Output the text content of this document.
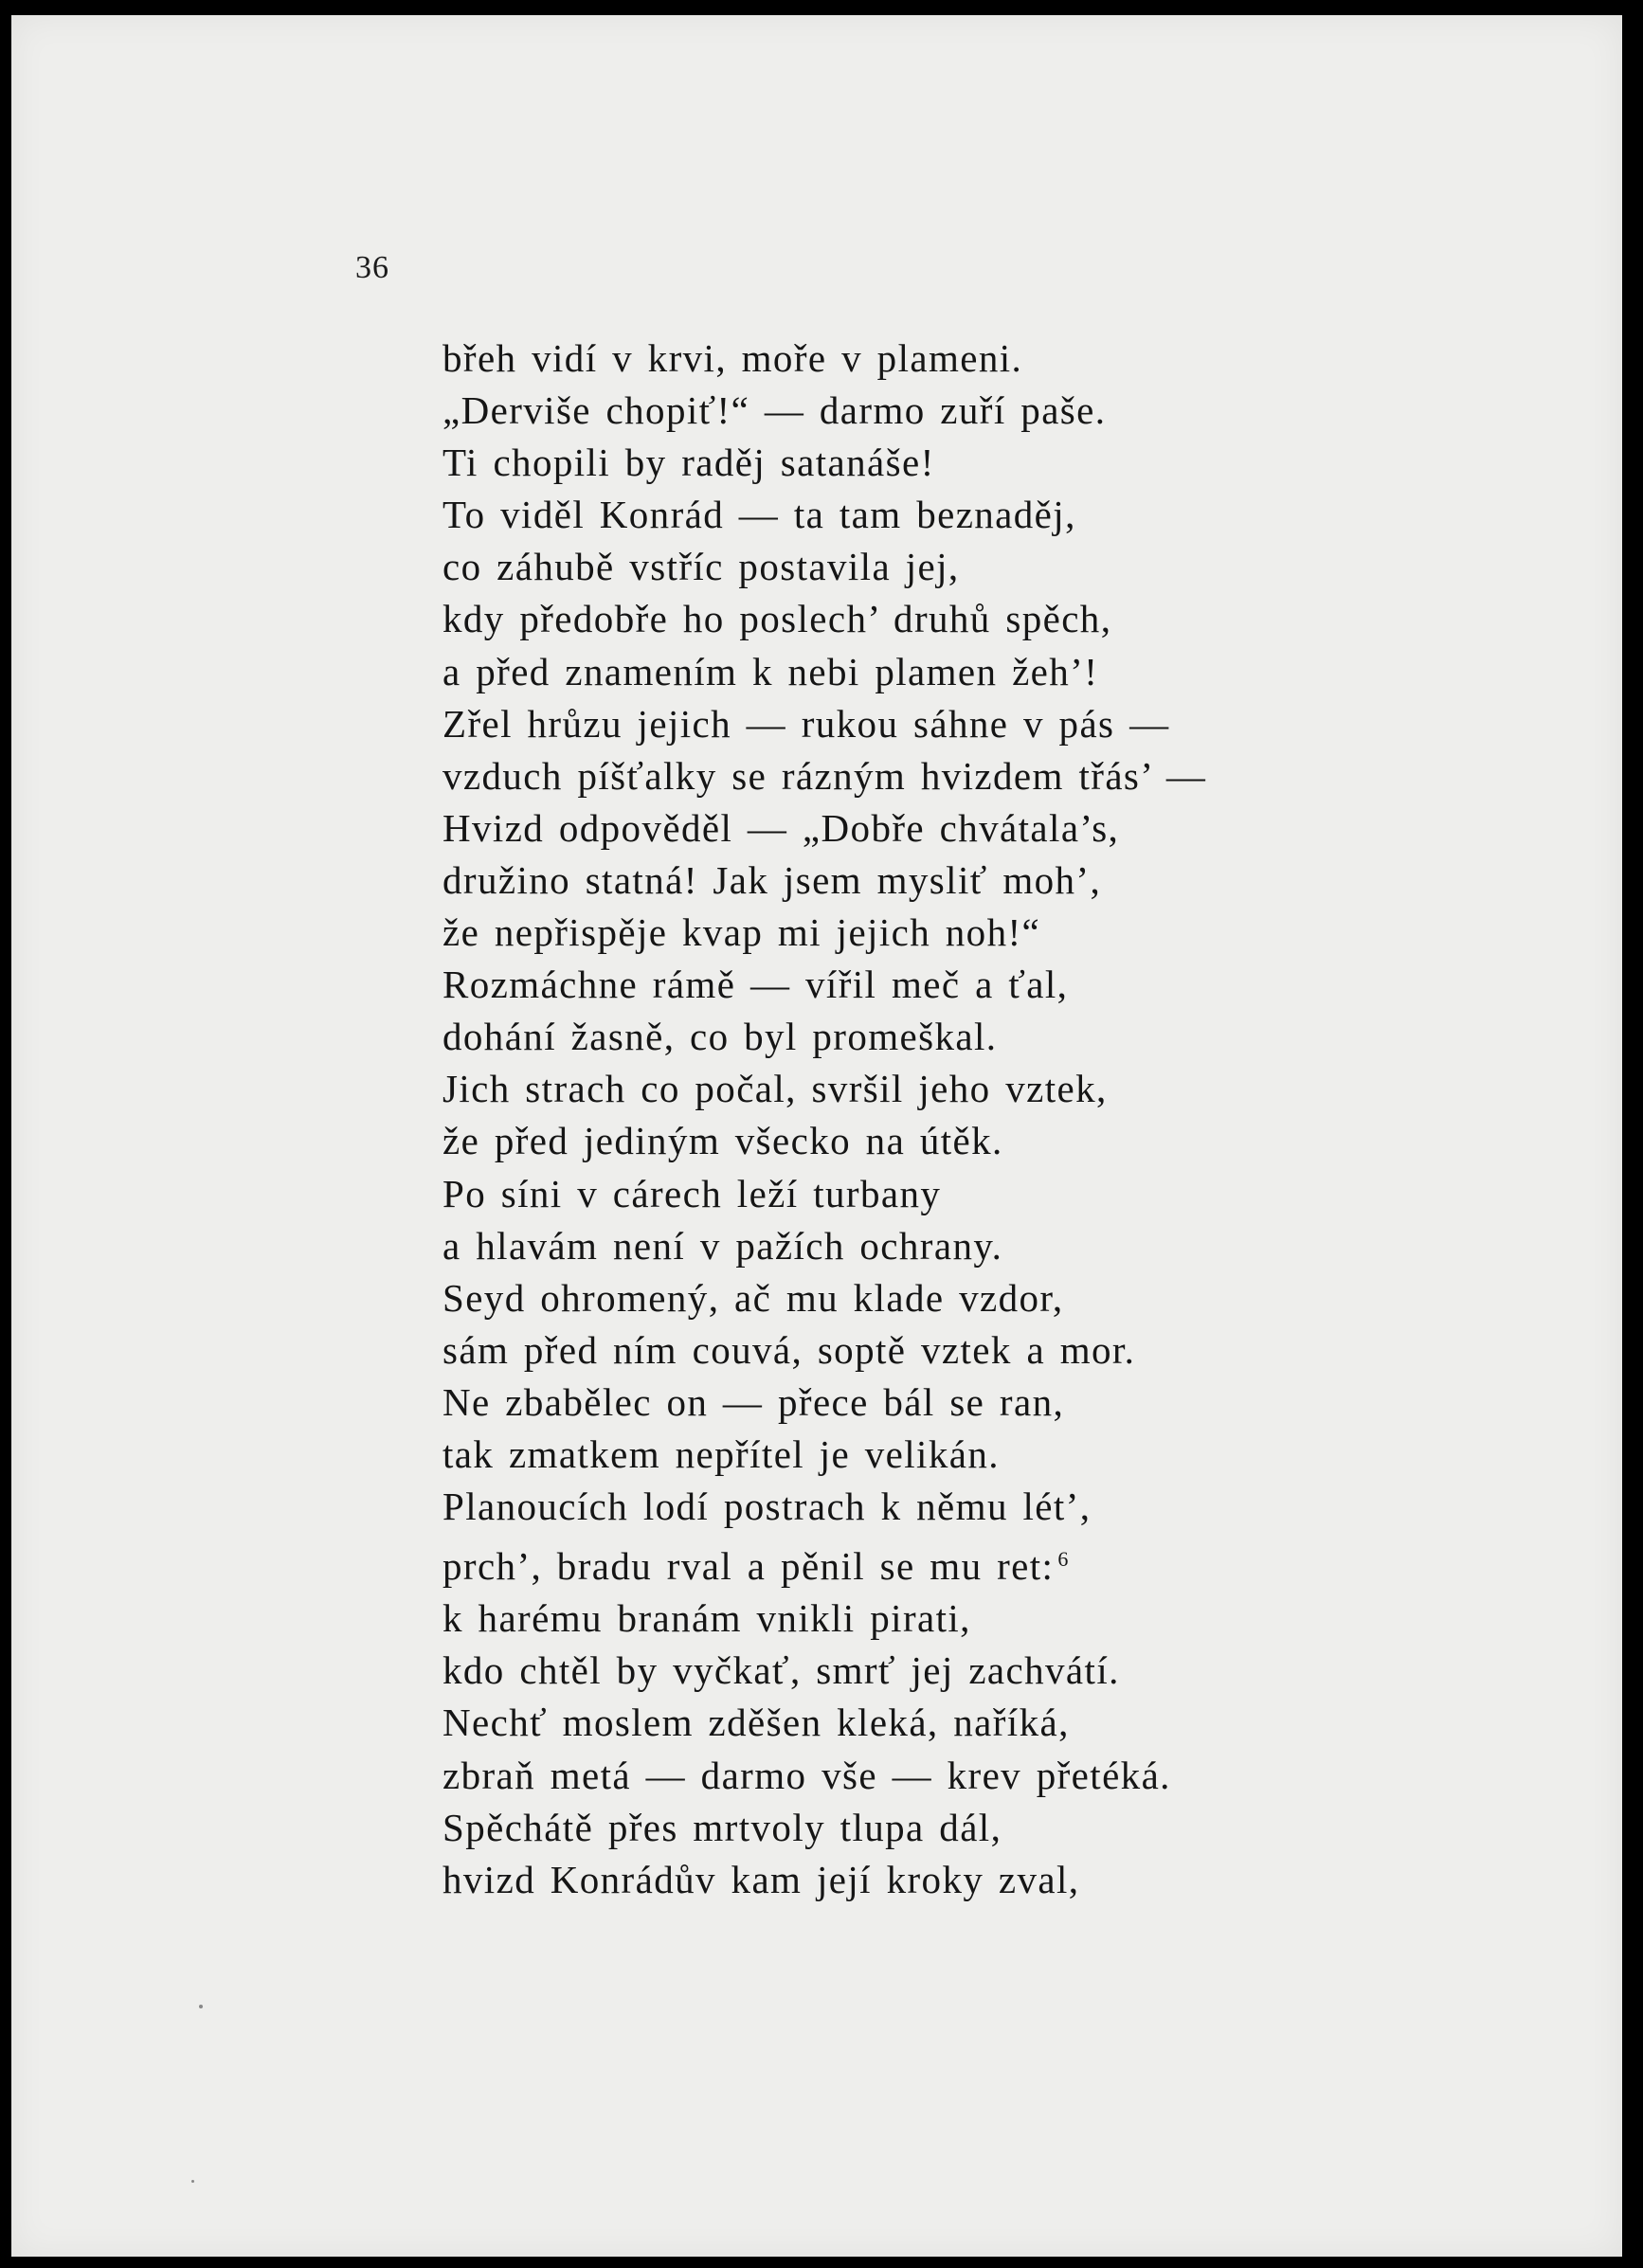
36
břeh vidí v krvi, moře v plameni.
„Derviše chopiť!“ — darmo zuří paše.
Ti chopili by raděj satanáše!
To viděl Konrád — ta tam beznaděj,
co záhubě vstříc postavila jej,
kdy předobře ho poslech’ druhů spěch,
a před znamením k nebi plamen žeh’!
Zřel hrůzu jejich — rukou sáhne v pás —
vzduch píšťalky se rázným hvizdem třás’ —
Hvizd odpověděl — „Dobře chvátala’s,
družino statná! Jak jsem mysliť moh’,
že nepřispěje kvap mi jejich noh!“
Rozmáchne rámě — vířil meč a ťal,
dohání žasně, co byl promeškal.
Jich strach co počal, svršil jeho vztek,
že před jediným všecko na útěk.
Po síni v cárech leží turbany
a hlavám není v pažích ochrany.
Seyd ohromený, ač mu klade vzdor,
sám před ním couvá, soptě vztek a mor.
Ne zbabělec on — přece bál se ran,
tak zmatkem nepřítel je velikán.
Planoucích lodí postrach k němu lét’,
prch’, bradu rval a pěnil se mu ret: $^6$
k harému branám vnikli pirati,
kdo chtěl by vyčkať, smrť jej zachvátí.
Nechť moslem zděšen kleká, naříká,
zbraň metá — darmo vše — krev přetéká.
Spěchátě přes mrtvoly tlupa dál,
hvizd Konrádův kam její kroky zval,
